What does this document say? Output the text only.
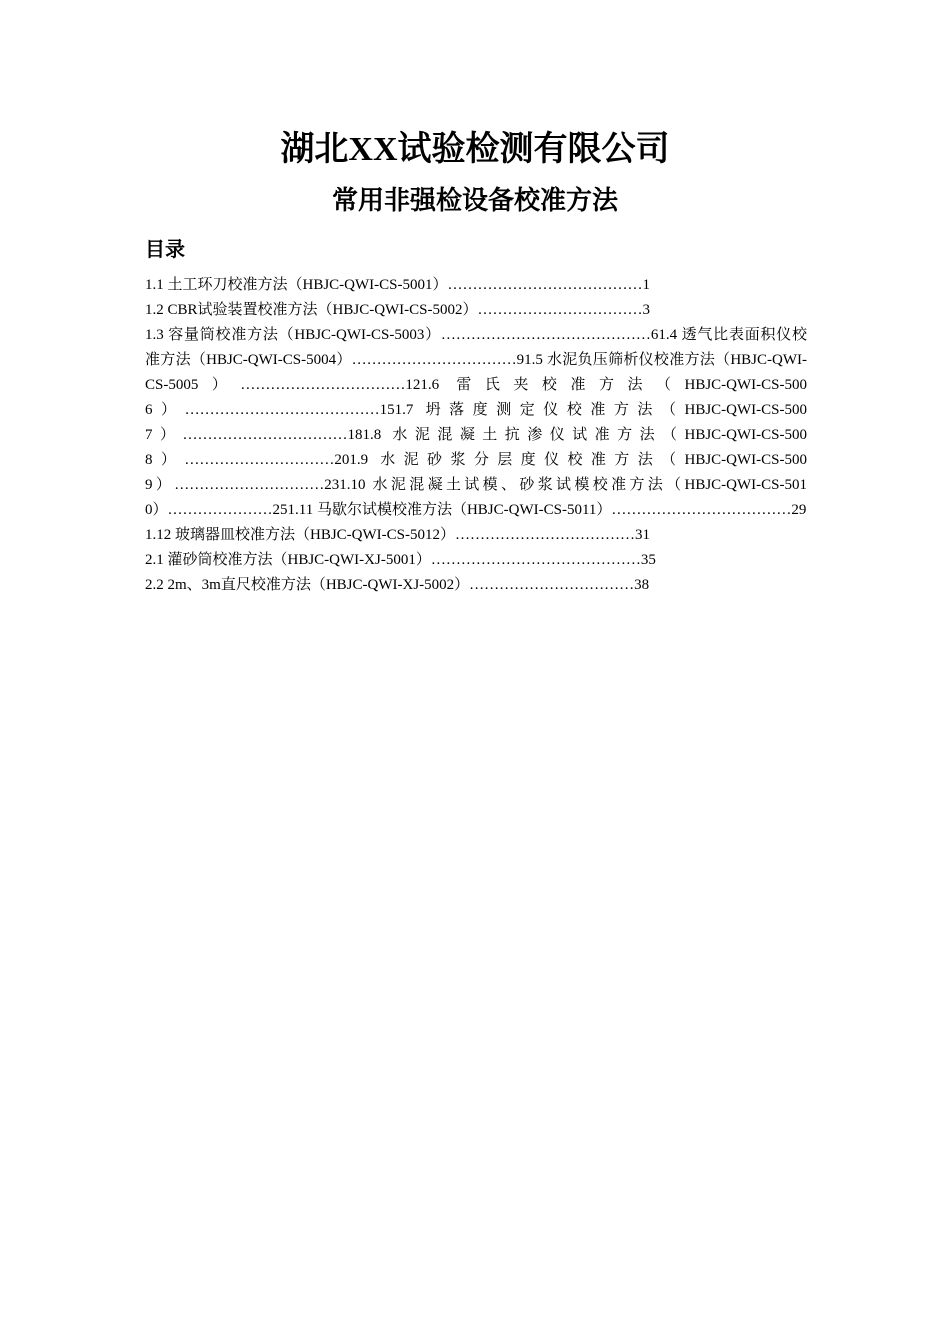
湖北XX试验检测有限公司
常用非强检设备校准方法
目录
1.1 土工环刀校准方法（HBJC-QWI-CS-5001）…………………………………1
1.2 CBR试验装置校准方法（HBJC-QWI-CS-5002）……………………………3
1.3 容量筒校准方法（HBJC-QWI-CS-5003）……………………………………61.4 透气比表面积仪校准方法（HBJC-QWI-CS-5004）……………………………91.5 水泥负压筛析仪校准方法（HBJC-QWI-CS-5005）……………………………121.6 雷氏夹校准方法（HBJC-QWI-CS-5006）…………………………………151.7 坍落度测定仪校准方法（HBJC-QWI-CS-5007）……………………………181.8 水泥混凝土抗渗仪试准方法（HBJC-QWI-CS-5008）…………………………201.9 水泥砂浆分层度仪校准方法（HBJC-QWI-CS-5009）…………………………231.10 水泥混凝土试模、砂浆试模校准方法（HBJC-QWI-CS-5010）…………………251.11 马歇尔试模校准方法（HBJC-QWI-CS-5011）………………………………29
1.12 玻璃器皿校准方法（HBJC-QWI-CS-5012）………………………………31
2.1 灌砂筒校准方法（HBJC-QWI-XJ-5001）……………………………………35
2.2 2m、3m直尺校准方法（HBJC-QWI-XJ-5002）……………………………38
